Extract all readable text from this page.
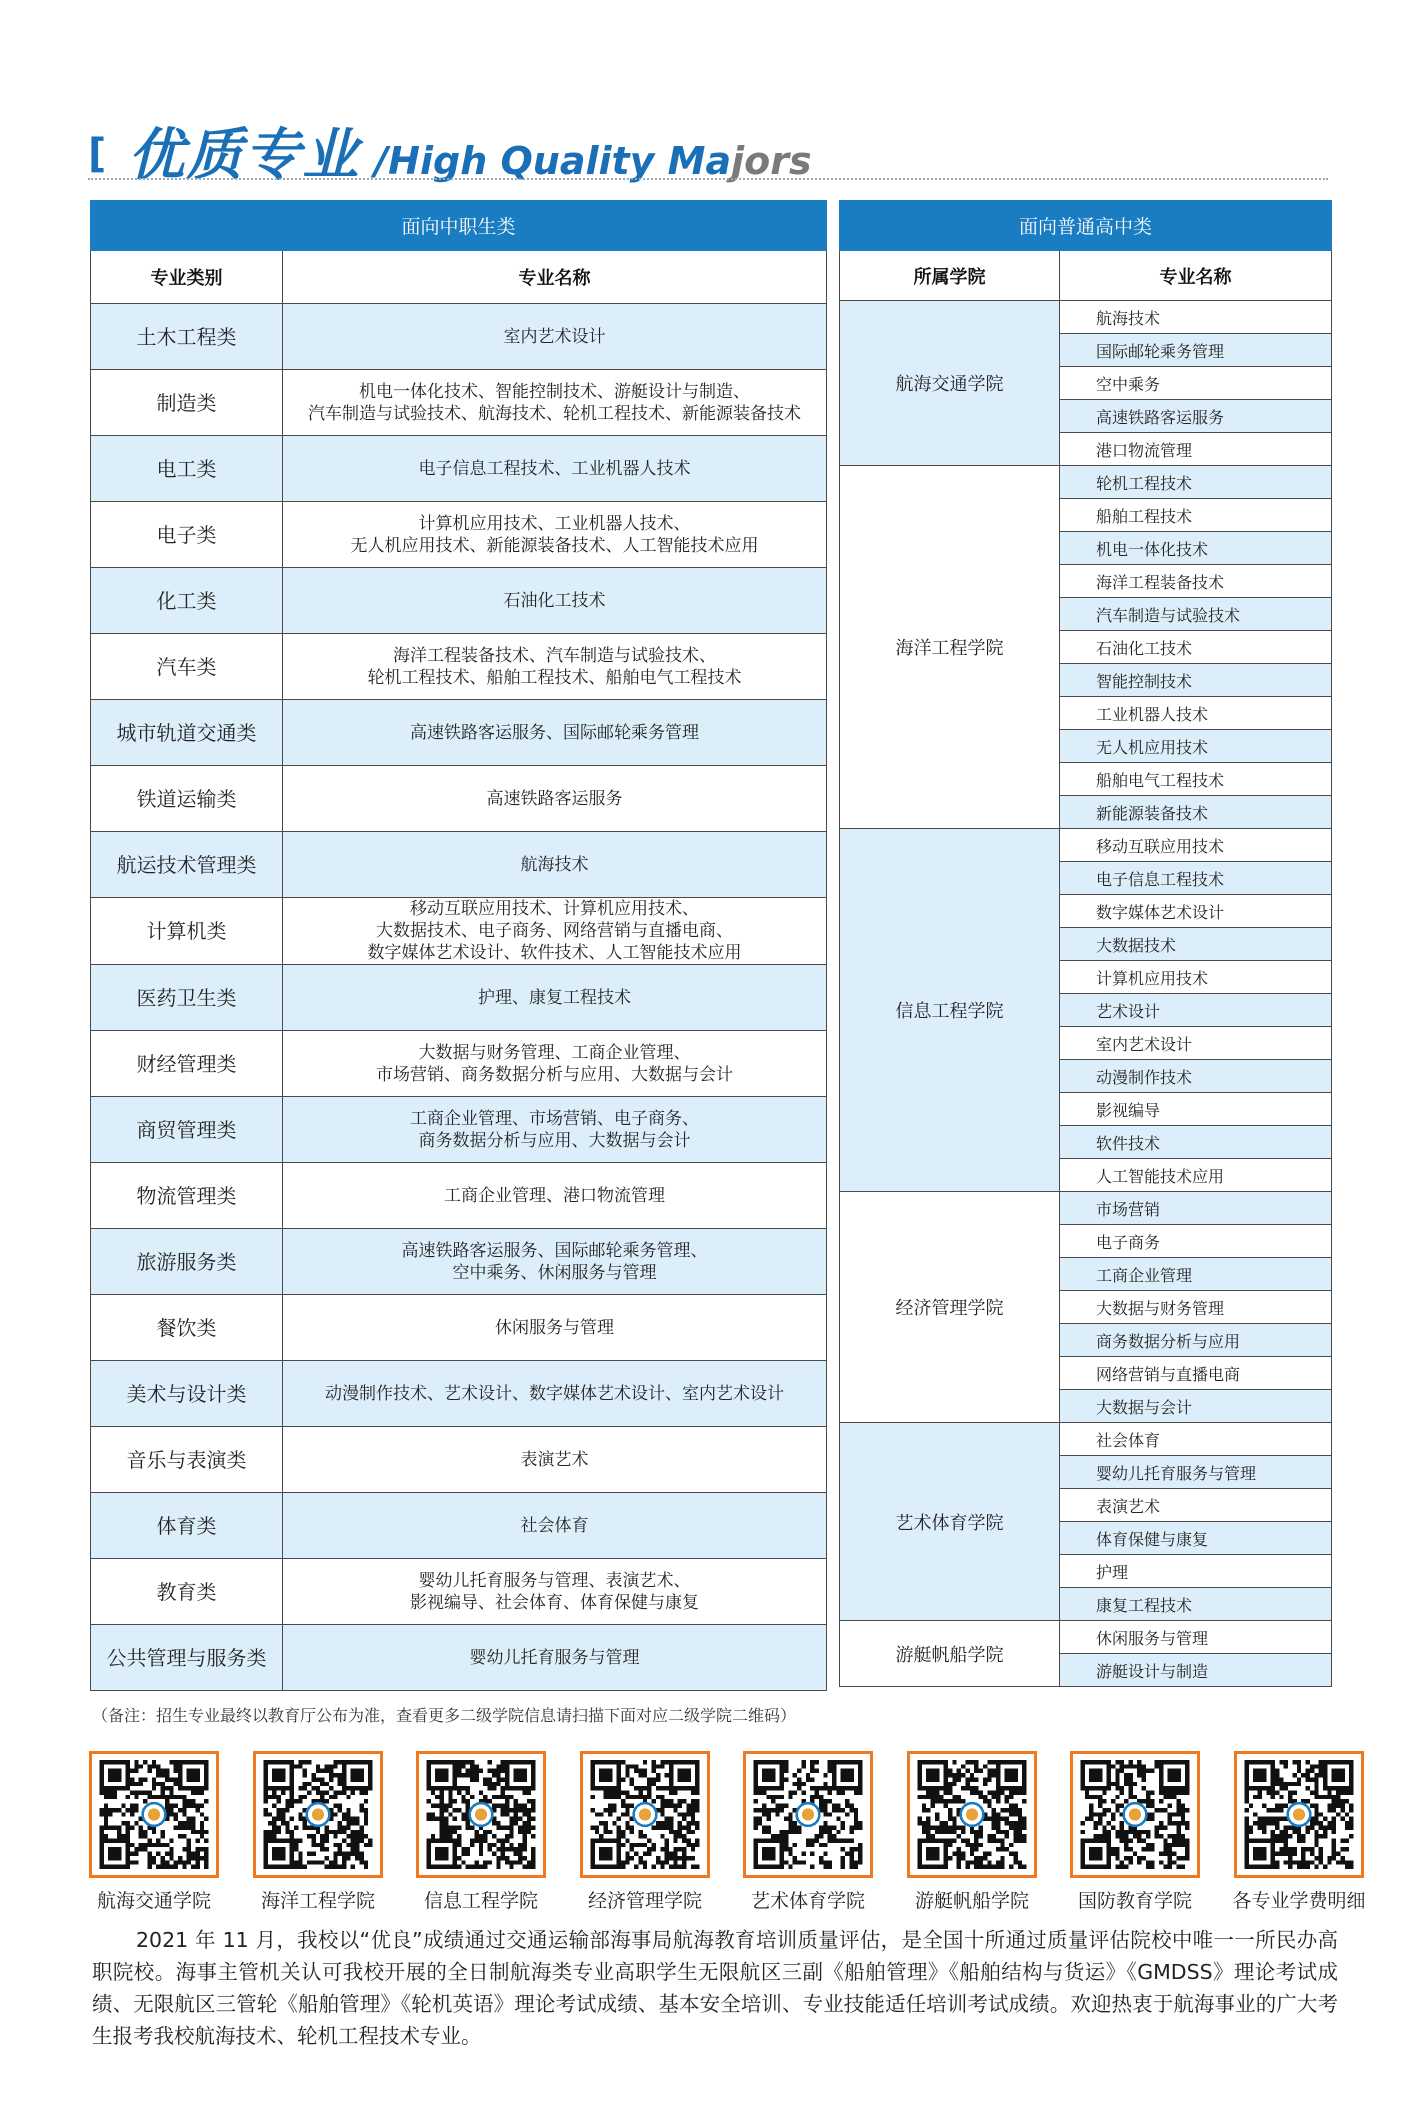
[ 优质专业 /High Quality Majors
面向中职生类	
专业类别	专业名称
土木工程类	室内艺术设计

制造类	机电一体化技术、智能控制技术、游艇设计与制造、
汽车制造与试验技术、航海技术、轮机工程技术、新能源装备技术

电工类	电子信息工程技术、工业机器人技术

电子类	计算机应用技术、工业机器人技术、
无人机应用技术、新能源装备技术、人工智能技术应用

化工类	石油化工技术

汽车类	海洋工程装备技术、汽车制造与试验技术、
轮机工程技术、船舶工程技术、船舶电气工程技术

城市轨道交通类	高速铁路客运服务、国际邮轮乘务管理

铁道运输类	高速铁路客运服务

航运技术管理类	航海技术

计算机类	移动互联应用技术、计算机应用技术、
大数据技术、电子商务、网络营销与直播电商、
数字媒体艺术设计、软件技术、人工智能技术应用

医药卫生类	护理、康复工程技术

财经管理类	大数据与财务管理、工商企业管理、
市场营销、商务数据分析与应用、大数据与会计

商贸管理类	工商企业管理、市场营销、电子商务、
商务数据分析与应用、大数据与会计

物流管理类	工商企业管理、港口物流管理

旅游服务类	高速铁路客运服务、国际邮轮乘务管理、
空中乘务、休闲服务与管理

餐饮类	休闲服务与管理

美术与设计类	动漫制作技术、艺术设计、数字媒体艺术设计、室内艺术设计

音乐与表演类	表演艺术

体育类	社会体育

教育类	婴幼儿托育服务与管理、表演艺术、
影视编导、社会体育、体育保健与康复

公共管理与服务类	婴幼儿托育服务与管理
面向普通高中类	
所属学院	专业名称
航海交通学院	航海技术
	国际邮轮乘务管理
	空中乘务
	高速铁路客运服务
	港口物流管理
海洋工程学院	轮机工程技术
	船舶工程技术
	机电一体化技术
	海洋工程装备技术
	汽车制造与试验技术
	石油化工技术
	智能控制技术
	工业机器人技术
	无人机应用技术
	船舶电气工程技术
	新能源装备技术
信息工程学院	移动互联应用技术
	电子信息工程技术
	数字媒体艺术设计
	大数据技术
	计算机应用技术
	艺术设计
	室内艺术设计
	动漫制作技术
	影视编导
	软件技术
	人工智能技术应用
经济管理学院	市场营销
	电子商务
	工商企业管理
	大数据与财务管理
	商务数据分析与应用
	网络营销与直播电商
	大数据与会计
艺术体育学院	社会体育
	婴幼儿托育服务与管理
	表演艺术
	体育保健与康复
	护理
	康复工程技术
游艇帆船学院	休闲服务与管理
	游艇设计与制造
（备注：招生专业最终以教育厅公布为准，查看更多二级学院信息请扫描下面对应二级学院二维码）
航海交通学院	海洋工程学院	信息工程学院	经济管理学院	艺术体育学院	游艇帆船学院	国防教育学院	各专业学费明细
2021 年 11 月，我校以“优良”成绩通过交通运输部海事局航海教育培训质量评估，是全国十所通过质量评估院校中唯一一所民办高职院校。海事主管机关认可我校开展的全日制航海类专业高职学生无限航区三副《船舶管理》《船舶结构与货运》《GMDSS》理论考试成绩、无限航区三管轮《船舶管理》《轮机英语》理论考试成绩、基本安全培训、专业技能适任培训考试成绩。欢迎热衷于航海事业的广大考生报考我校航海技术、轮机工程技术专业。
